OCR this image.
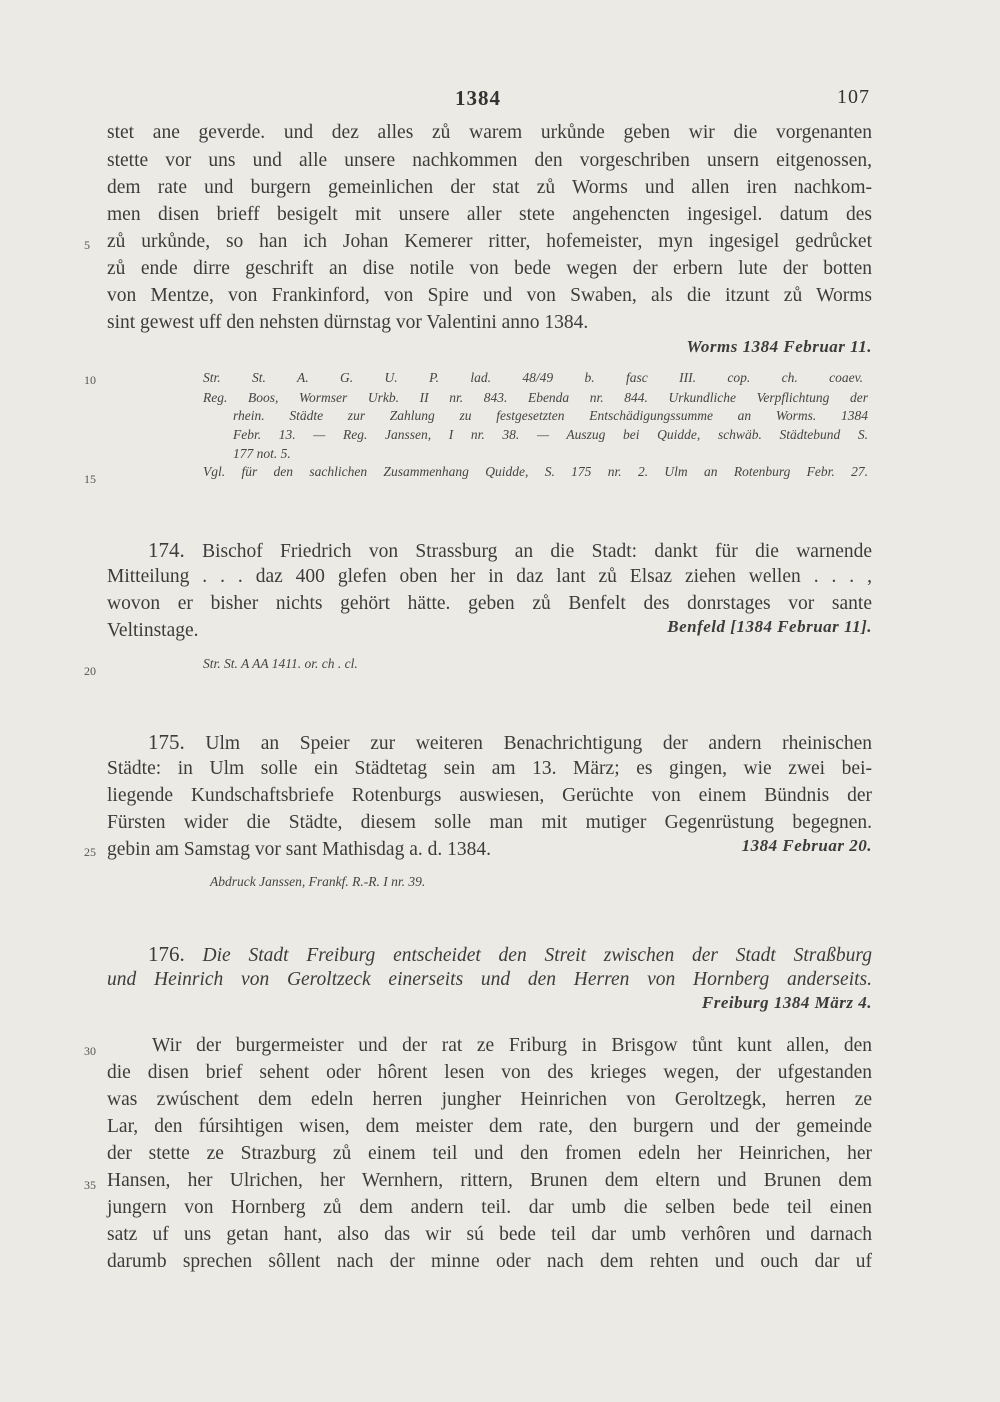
1384	107
stet ane geverde. und dez alles zů warem urkůnde geben wir die vorgenanten
stette vor uns und alle unsere nachkommen den vorgeschriben unsern eitgenossen,
dem rate und burgern gemeinlichen der stat zů Worms und allen iren nachkom-
men disen brieff besigelt mit unsere aller stete angehencten ingesigel. datum des
zů urkůnde, so han ich Johan Kemerer ritter, hofemeister, myn ingesigel gedrůcket
zů ende dirre geschrift an dise notile von bede wegen der erbern lute der botten
von Mentze, von Frankinford, von Spire und von Swaben, als die itzunt zů Worms
sint gewest uff den nehsten dürnstag vor Valentini anno 1384.
Worms 1384 Februar 11.
Str. St. A. G. U. P. lad. 48/49 b. fasc III. cop. ch. coaev.
Reg. Boos, Wormser Urkb. II nr. 843. Ebenda nr. 844. Urkundliche Verpflichtung der
rhein. Städte zur Zahlung zu festgesetzten Entschädigungssumme an Worms. 1384
Febr. 13. — Reg. Janssen, I nr. 38. — Auszug bei Quidde, schwäb. Städtebund S.
177 not. 5.
Vgl. für den sachlichen Zusammenhang Quidde, S. 175 nr. 2. Ulm an Rotenburg Febr. 27.
174. Bischof Friedrich von Strassburg an die Stadt: dankt für die warnende
Mitteilung . . . daz 400 glefen oben her in daz lant zů Elsaz ziehen wellen . . . ,
wovon er bisher nichts gehört hätte. geben zů Benfelt des donrstages vor sante
Veltinstage.	Benfeld [1384 Februar 11].
Str. St. A AA 1411. or. ch . cl.
175. Ulm an Speier zur weiteren Benachrichtigung der andern rheinischen
Städte: in Ulm solle ein Städtetag sein am 13. März; es gingen, wie zwei bei-
liegende Kundschaftsbriefe Rotenburgs auswiesen, Gerüchte von einem Bündnis der
Fürsten wider die Städte, diesem solle man mit mutiger Gegenrüstung begegnen.
gebin am Samstag vor sant Mathisdag a. d. 1384.	1384 Februar 20.
Abdruck Janssen, Frankf. R.-R. I nr. 39.
176. Die Stadt Freiburg entscheidet den Streit zwischen der Stadt Straßburg
und Heinrich von Geroltzeck einerseits und den Herren von Hornberg anderseits.
Freiburg 1384 März 4.
Wir der burgermeister und der rat ze Friburg in Brisgow tůnt kunt allen, den
die disen brief sehent oder hôrent lesen von des krieges wegen, der ufgestanden
was zwúschent dem edeln herren jungher Heinrichen von Geroltzegk, herren ze
Lar, den fúrsihtigen wisen, dem meister dem rate, den burgern und der gemeinde
der stette ze Strazburg zů einem teil und den fromen edeln her Heinrichen, her
Hansen, her Ulrichen, her Wernhern, rittern, Brunen dem eltern und Brunen dem
jungern von Hornberg zů dem andern teil. dar umb die selben bede teil einen
satz uf uns getan hant, also das wir sú bede teil dar umb verhôren und darnach
darumb sprechen sôllent nach der minne oder nach dem rehten und ouch dar uf
5
10
15
20
25
30
35
